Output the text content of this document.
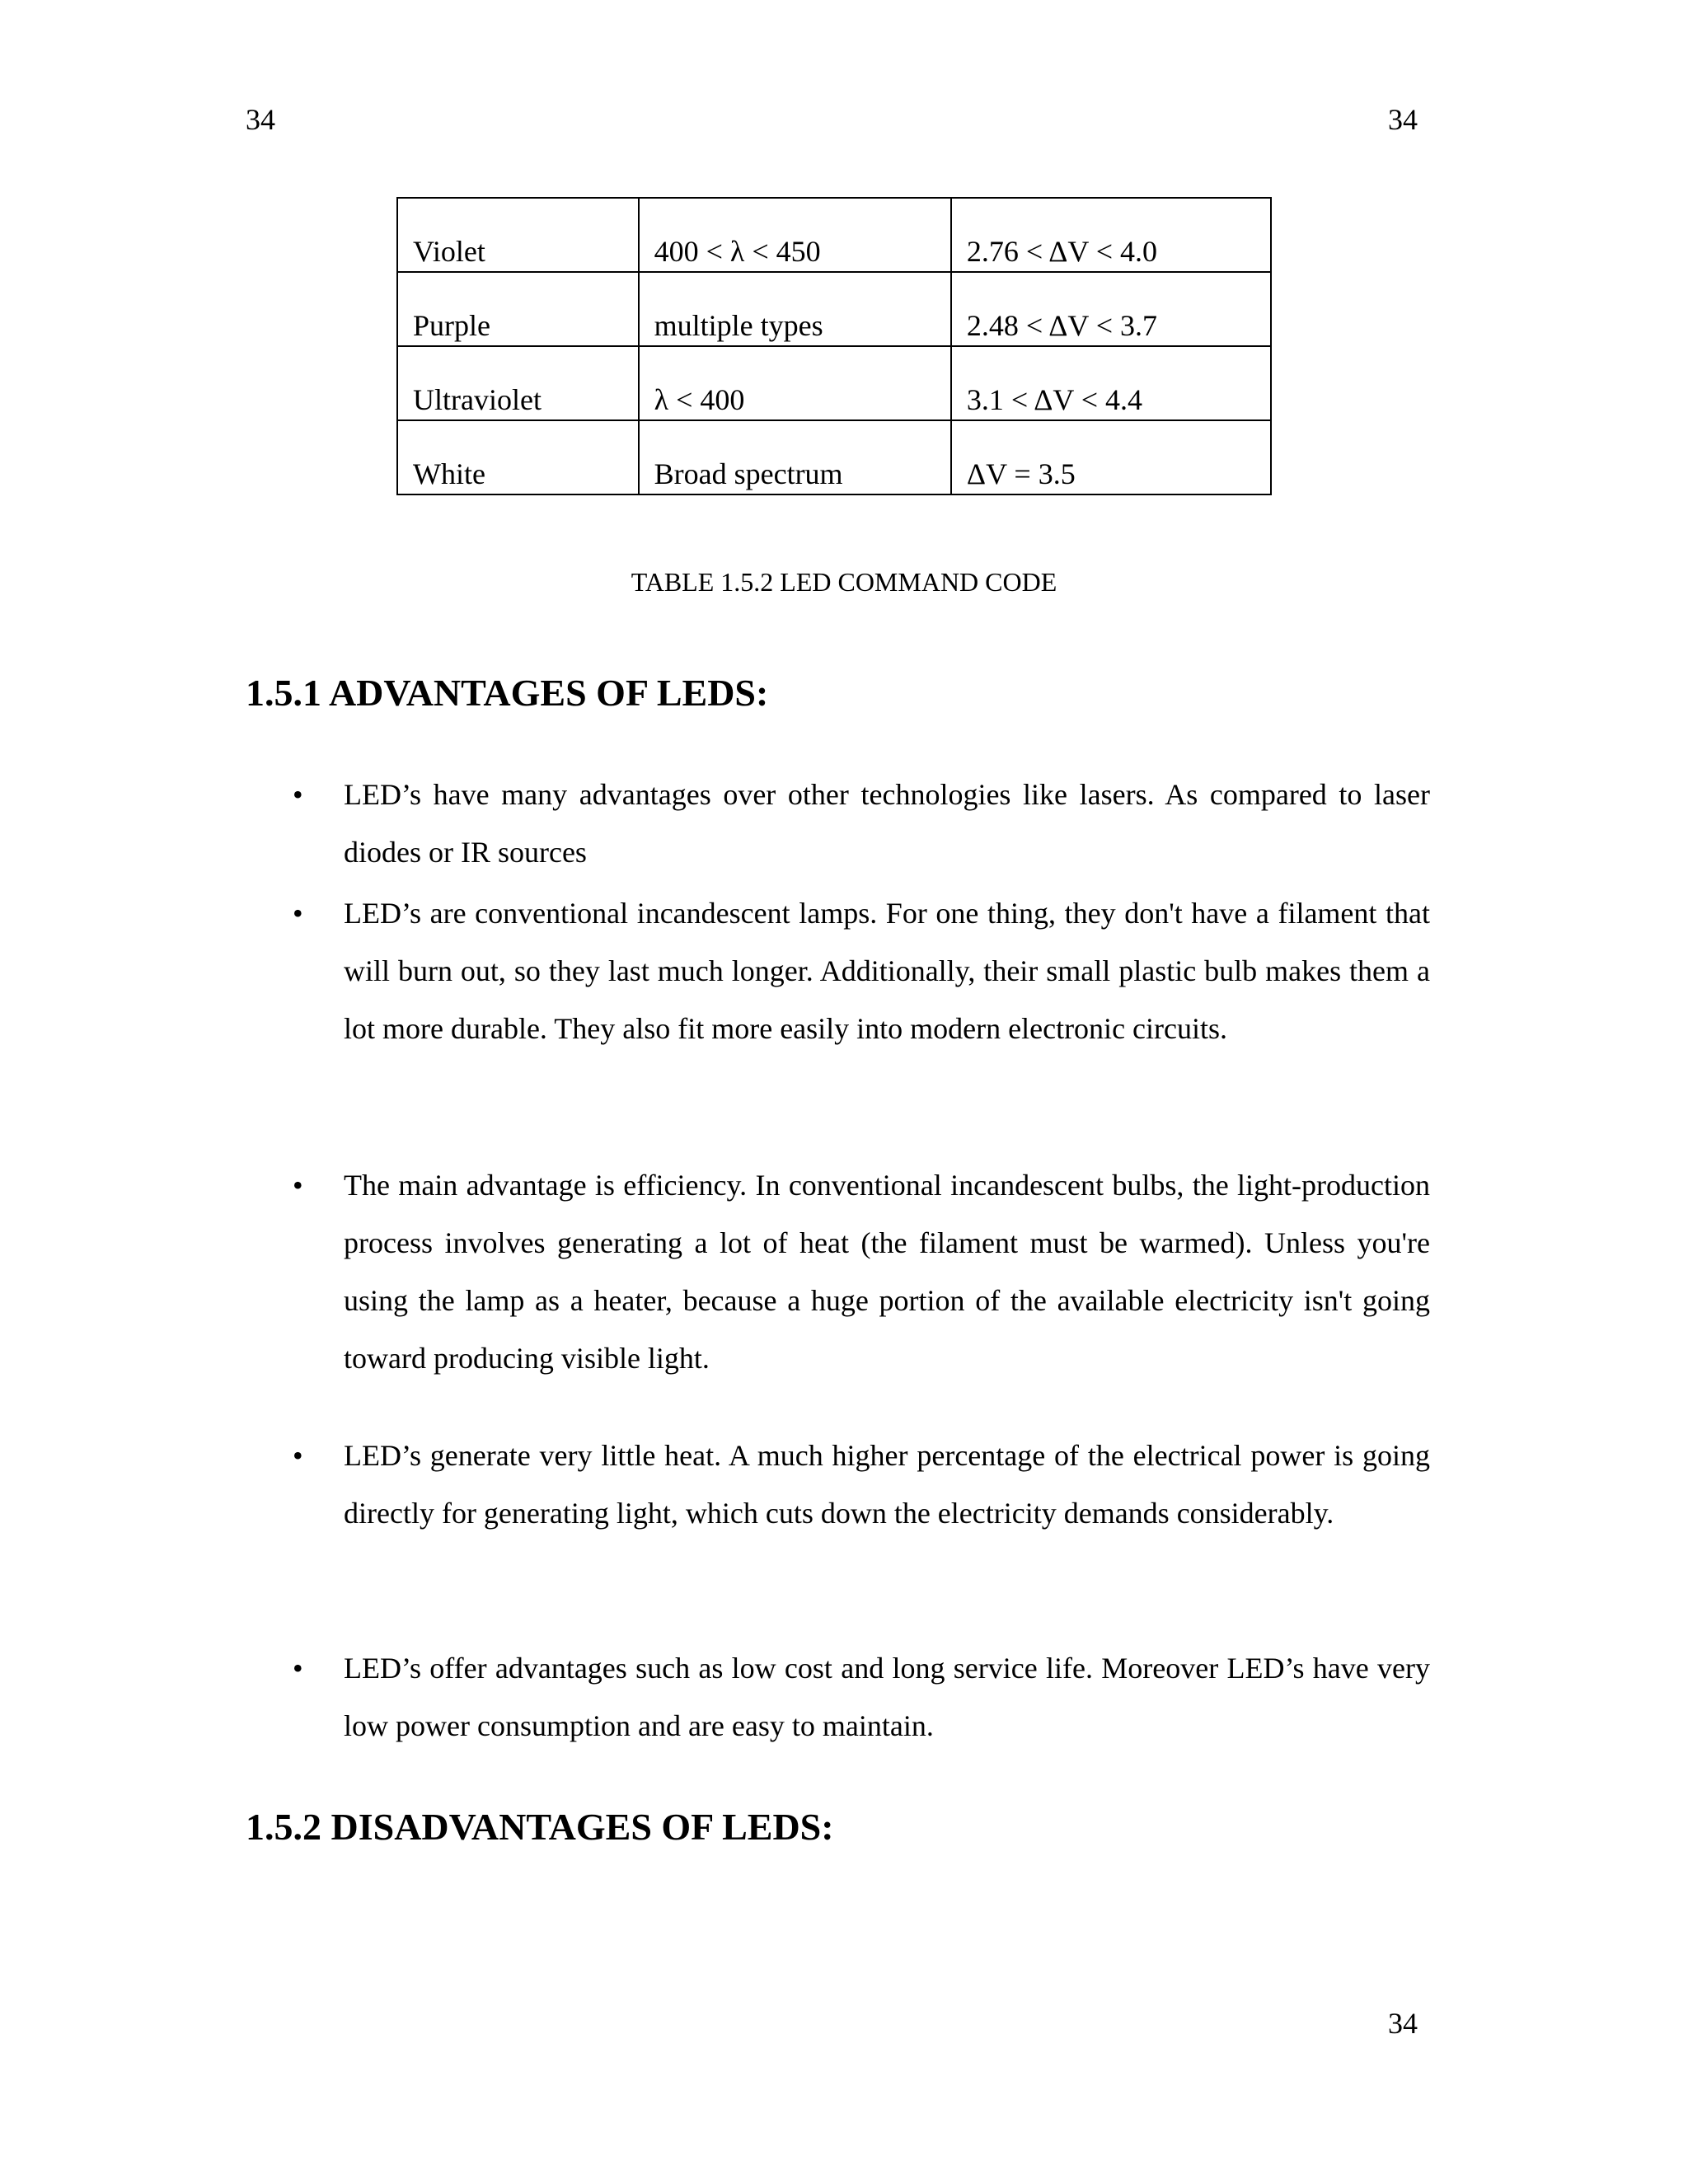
34	34
Violet	400 < λ < 450	2.76 < ΔV < 4.0

Purple	multiple types	2.48 < ΔV < 3.7

Ultraviolet	λ < 400	3.1 < ΔV < 4.4

White	Broad spectrum	ΔV = 3.5
TABLE 1.5.2 LED COMMAND CODE
1.5.1 ADVANTAGES OF LEDS:
• LED’s have many advantages over other technologies like lasers. As compared to laser diodes or IR sources
• LED’s are conventional incandescent lamps. For one thing, they don't have a filament that will burn out, so they last much longer. Additionally, their small plastic bulb makes them a lot more durable. They also fit more easily into modern electronic circuits.
• The main advantage is efficiency. In conventional incandescent bulbs, the light-production process involves generating a lot of heat (the filament must be warmed). Unless you're using the lamp as a heater, because a huge portion of the available electricity isn't going toward producing visible light.
• LED’s generate very little heat. A much higher percentage of the electrical power is going directly for generating light, which cuts down the electricity demands considerably.
• LED’s offer advantages such as low cost and long service life. Moreover LED’s have very low power consumption and are easy to maintain.
1.5.2 DISADVANTAGES OF LEDS:
34
